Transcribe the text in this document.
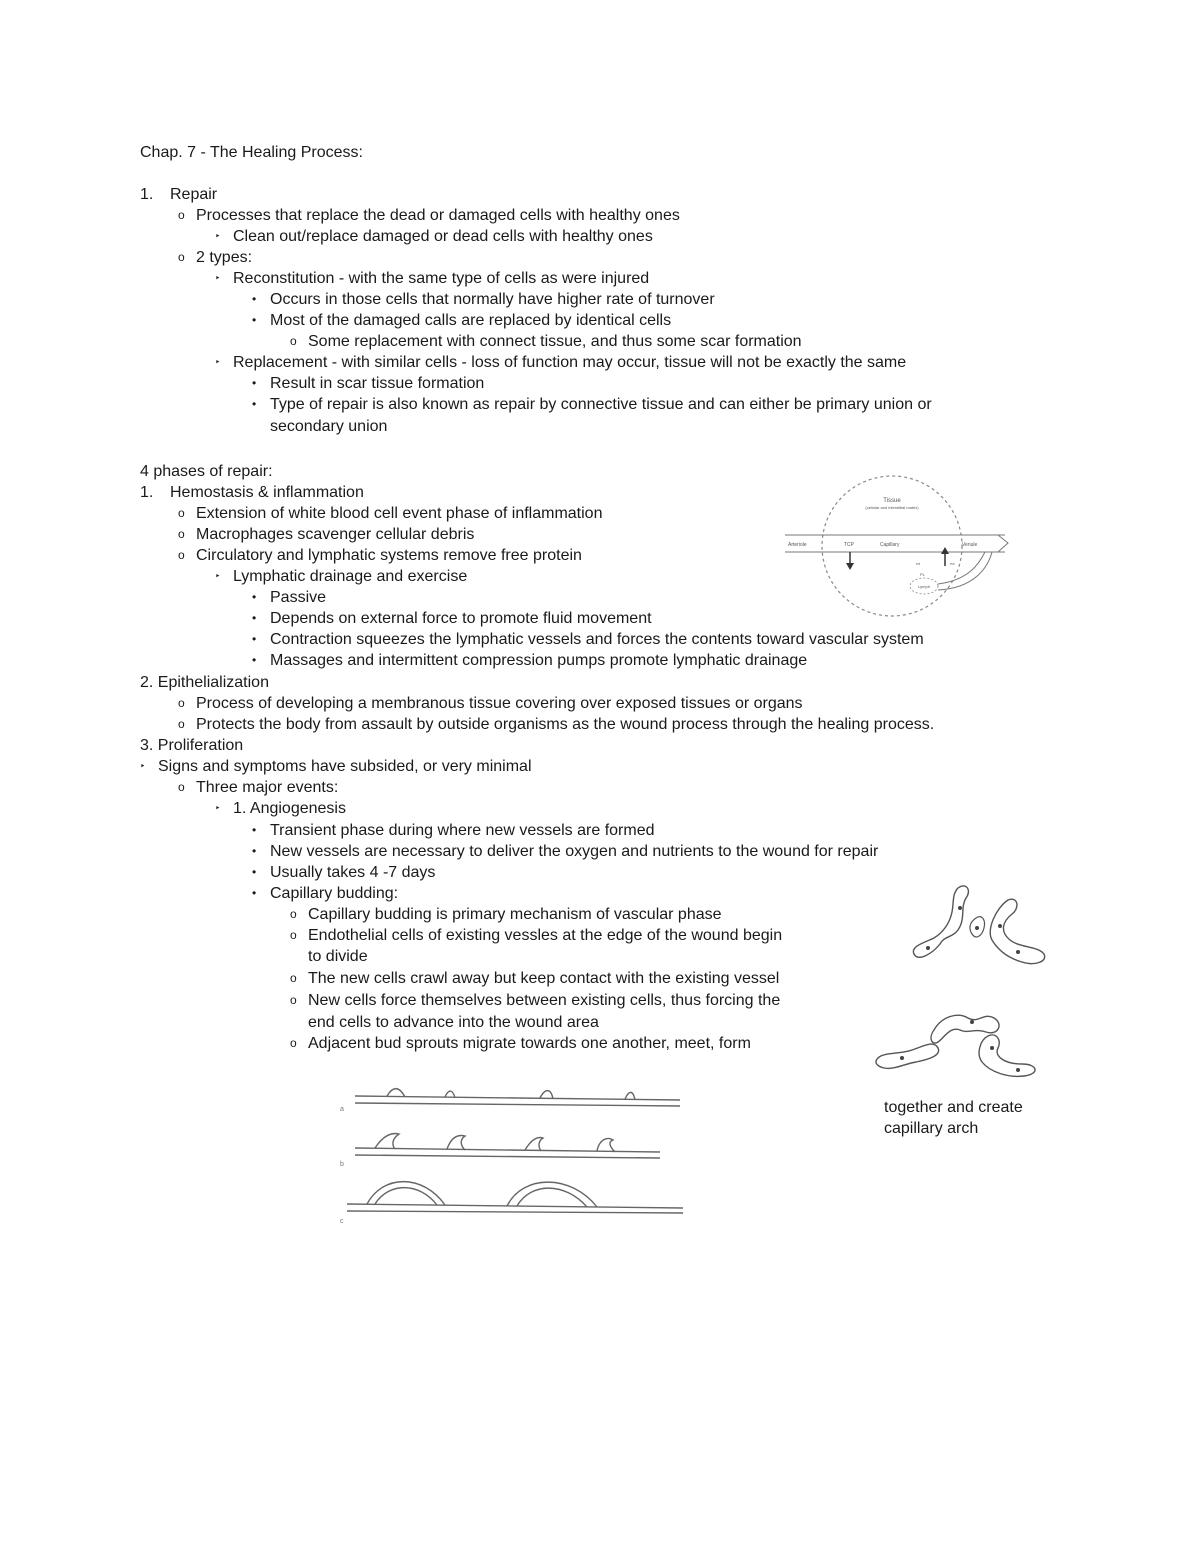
Chap. 7 - The Healing Process:
1. Repair
o Processes that replace the dead or damaged cells with healthy ones
‣ Clean out/replace damaged or dead cells with healthy ones
o 2 types:
‣ Reconstitution - with the same type of cells as were injured
• Occurs in those cells that normally have higher rate of turnover
• Most of the damaged calls are replaced by identical cells
o Some replacement with connect tissue, and thus some scar formation
‣ Replacement - with similar cells - loss of function may occur, tissue will not be exactly the same
• Result in scar tissue formation
• Type of repair is also known as repair by connective tissue and can either be primary union or
secondary union
4 phases of repair:
1. Hemostasis & inflammation
o Extension of white blood cell event phase of inflammation
o Macrophages scavenger cellular debris
o Circulatory and lymphatic systems remove free protein
‣ Lymphatic drainage and exercise
• Passive
• Depends on external force to promote fluid movement
• Contraction squeezes the lymphatic vessels and forces the contents toward vascular system
• Massages and intermittent compression pumps promote lymphatic drainage
2. Epithelialization
o Process of developing a membranous tissue covering over exposed tissues or organs
o Protects the body from assault by outside organisms as the wound process through the healing process.
3. Proliferation
‣ Signs and symptoms have subsided, or very minimal
o Three major events:
‣ 1. Angiogenesis
• Transient phase during where new vessels are formed
• New vessels are necessary to deliver the oxygen and nutrients to the wound for repair
• Usually takes 4 -7 days
• Capillary budding:
o Capillary budding is primary mechanism of vascular phase
o Endothelial cells of existing vessles at the edge of the wound begin
to divide
o The new cells crawl away but keep contact with the existing vessel
o New cells force themselves between existing cells, thus forcing the
end cells to advance into the wound area
o Adjacent bud sprouts migrate towards one another, meet, form
together and create
capillary arch
Tissue
(cellular and interstitial matrix)
Arteriole	TCP	Capillary	Venule
πt	πc
PL
Lymph
a
b
c
